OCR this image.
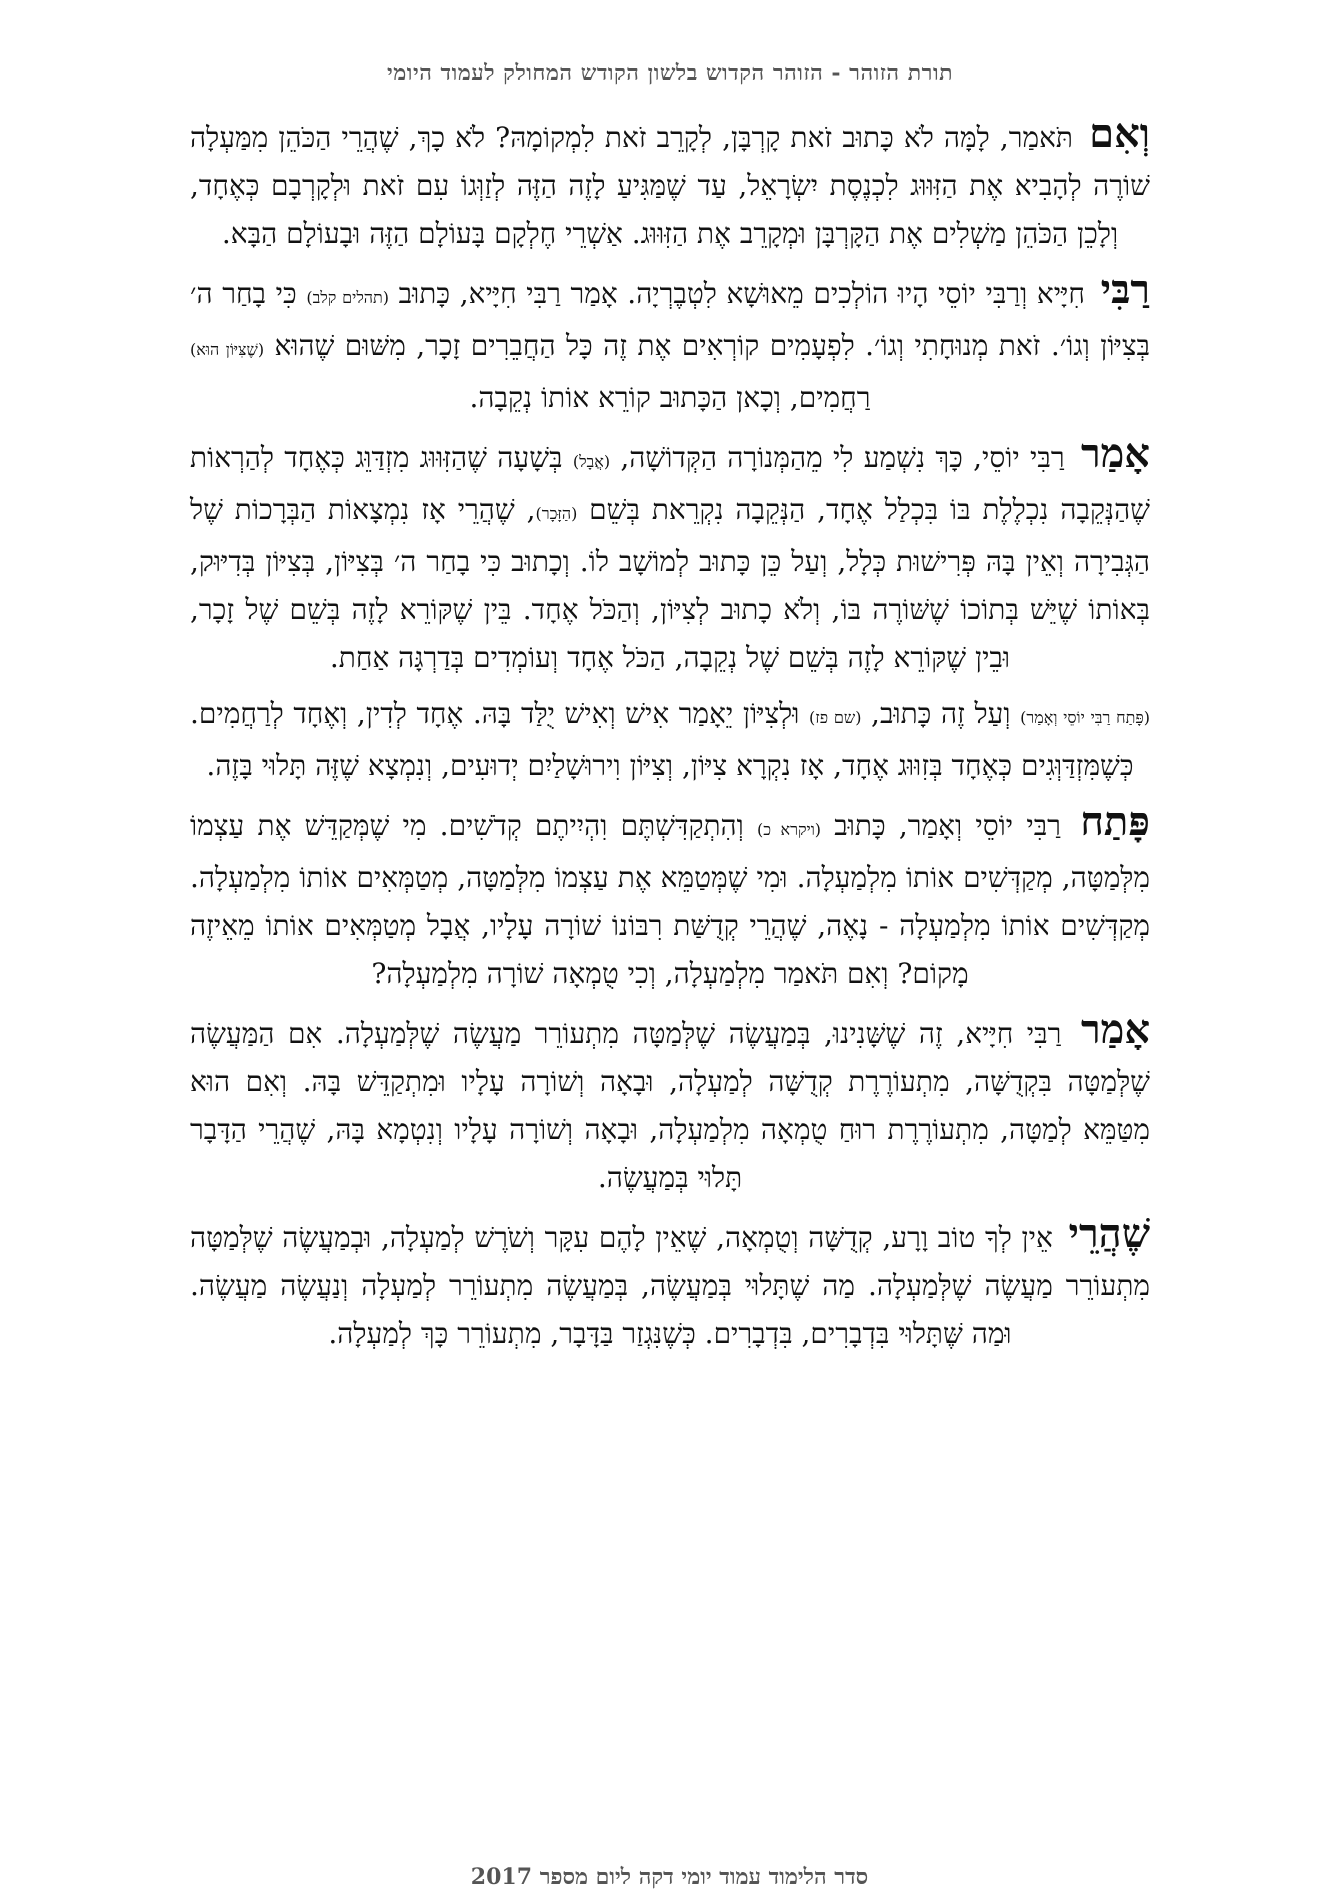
תורת הזוהר - הזוהר הקדוש בלשון הקודש המחולק לעמוד היומי

וְאִם תֹּאמַר, לָמָּה לֹא כָּתוּב זֹאת קָרְבָּן, לְקָרֵב זֹאת לִמְקוֹמָהּ? לֹא כָךְ, שֶׁהֲרֵי הַכֹּהֵן מִמַּעְלָה שׁוֹרֶה לְהָבִיא אֶת הַזִּוּוּג לִכְנֶסֶת יִשְׂרָאֵל, עַד שֶׁמַּגִּיעַ לָזֶה הַזֶּה לְזַוְּגוֹ עִם זֹאת וּלְקָרְבָם כְּאֶחָד, וְלָכֵן הַכֹּהֵן מַשְׁלִים אֶת הַקָּרְבָּן וּמְקָרֵב אֶת הַזִּוּוּג. אַשְׁרֵי חֶלְקָם בָּעוֹלָם הַזֶּה וּבָעוֹלָם הַבָּא.

רַבִּי חִיָּיא וְרַבִּי יוֹסֵי הָיוּ הוֹלְכִים מֵאוּשָׁא לִטְבֶרְיָה. אָמַר רַבִּי חִיָּיא, כָּתוּב (תהלים קלב) כִּי בָחַר ה׳ בְּצִיּוֹן וְגוֹ׳. זֹאת מְנוּחָתִי וְגוֹ׳. לִפְעָמִים קוֹרְאִים אֶת זֶה כָּל הַחֲבֵרִים זָכָר, מִשּׁוּם שֶׁהוּא (שֶׁצִּיּוֹן הוּא) רַחֲמִים, וְכָאן הַכָּתוּב קוֹרֵא אוֹתוֹ נְקֵבָה.

אָמַר רַבִּי יוֹסֵי, כָּךְ נִשְׁמַע לִי מֵהַמְּנוֹרָה הַקְּדוֹשָׁה, (אֲבָל) בְּשָׁעָה שֶׁהַזִּוּוּג מִזְדַּוֵּג כְּאֶחָד לְהַרְאוֹת שֶׁהַנְּקֵבָה נִכְלֶלֶת בּוֹ בִּכְלַל אֶחָד, הַנְּקֵבָה נִקְרֵאת בְּשֵׁם (הַזָּכָר), שֶׁהֲרֵי אָז נִמְצָאוֹת הַבְּרָכוֹת שֶׁל הַגְּבִירָה וְאֵין בָּהּ פְּרִישׁוּת כְּלָל, וְעַל כֵּן כָּתוּב לְמוֹשָׁב לוֹ. וְכָתוּב כִּי בָחַר ה׳ בְּצִיּוֹן, בְּצִיּוֹן בְּדִיּוּק, בְּאוֹתוֹ שֶׁיֵּשׁ בְּתוֹכוֹ שֶׁשּׁוֹרֶה בּוֹ, וְלֹא כָתוּב לְצִיּוֹן, וְהַכֹּל אֶחָד. בֵּין שֶׁקּוֹרֵא לָזֶה בְּשֵׁם שֶׁל זָכָר, וּבֵין שֶׁקּוֹרֵא לָזֶה בְּשֵׁם שֶׁל נְקֵבָה, הַכֹּל אֶחָד וְעוֹמְדִים בְּדַרְגָּה אַחַת.

(פָּתַח רַבִּי יוֹסֵי וְאָמַר) וְעַל זֶה כָּתוּב, (שם פז) וּלְצִיּוֹן יֵאָמַר אִישׁ וְאִישׁ יֻלַּד בָּהּ. אֶחָד לְדִין, וְאֶחָד לְרַחֲמִים. כְּשֶׁמִּזְדַּוְּגִים כְּאֶחָד בְּזִוּוּג אֶחָד, אָז נִקְרָא צִיּוֹן, וְצִיּוֹן וִירוּשָׁלַיִם יְדוּעִים, וְנִמְצָא שֶׁזֶּה תָּלוּי בָּזֶה.

פָּתַח רַבִּי יוֹסֵי וְאָמַר, כָּתוּב (ויקרא כ) וְהִתְקַדִּשְׁתֶּם וִהְיִיתֶם קְדֹשִׁים. מִי שֶׁמְּקַדֵּשׁ אֶת עַצְמוֹ מִלְּמַטָּה, מְקַדְּשִׁים אוֹתוֹ מִלְמַעְלָה. וּמִי שֶׁמְּטַמֵּא אֶת עַצְמוֹ מִלְּמַטָּה, מְטַמְּאִים אוֹתוֹ מִלְמַעְלָה. מְקַדְּשִׁים אוֹתוֹ מִלְמַעְלָה - נָאֶה, שֶׁהֲרֵי קְדֻשַּׁת רִבּוֹנוֹ שׁוֹרָה עָלָיו, אֲבָל מְטַמְּאִים אוֹתוֹ מֵאֵיזֶה מָקוֹם? וְאִם תֹּאמַר מִלְמַעְלָה, וְכִי טֻמְאָה שׁוֹרָה מִלְמַעְלָה?

אָמַר רַבִּי חִיָּיא, זֶה שֶׁשָּׁנִינוּ, בְּמַעֲשֶׂה שֶׁלְּמַטָּה מִתְעוֹרֵר מַעֲשֶׂה שֶׁלְּמַעְלָה. אִם הַמַּעֲשֶׂה שֶׁלְּמַטָּה בִּקְדֻשָּׁה, מִתְעוֹרֶרֶת קְדֻשָּׁה לְמַעְלָה, וּבָאָה וְשׁוֹרָה עָלָיו וּמִתְקַדֵּשׁ בָּהּ. וְאִם הוּא מִטַּמֵּא לְמַטָּה, מִתְעוֹרֶרֶת רוּחַ טֻמְאָה מִלְמַעְלָה, וּבָאָה וְשׁוֹרָה עָלָיו וְנִטְמָא בָּהּ, שֶׁהֲרֵי הַדָּבָר תָּלוּי בְּמַעֲשֶׂה.

שֶׁהֲרֵי אֵין לְךָ טוֹב וָרָע, קְדֻשָּׁה וְטֻמְאָה, שֶׁאֵין לָהֶם עִקָּר וְשֹׁרֶשׁ לְמַעְלָה, וּבְמַעֲשֶׂה שֶׁלְּמַטָּה מִתְעוֹרֵר מַעֲשֶׂה שֶׁלְּמַעְלָה. מַה שֶׁתָּלוּי בְּמַעֲשֶׂה, בְּמַעֲשֶׂה מִתְעוֹרֵר לְמַעְלָה וְנַעֲשֶׂה מַעֲשֶׂה. וּמַה שֶּׁתָּלוּי בִּדְבָרִים, בִּדְבָרִים. כְּשֶׁנִּגְזַר בַּדָּבָר, מִתְעוֹרֵר כָּךְ לְמַעְלָה.

סדר הלימוד עמוד יומי דקה ליום מספר 2017
